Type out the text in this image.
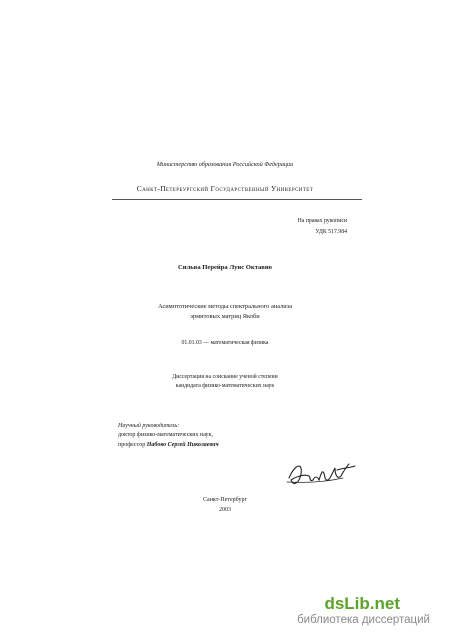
Министерство образования Российской Федерации
Санкт-Петербургский Государственный Университет
На правах рукописи
УДК 517.984
Сильва Перейра Луис Октавио
Асимптотические методы спектрального анализа
эрмитовых матриц Якоби
01.01.03 — математическая физика
Диссертация на соискание ученой степени
кандидата физико-математических наук
Научный руководитель:
доктор физико-математических наук,
профессор Набоко Сергей Николаевич
Санкт-Петербург
2003
dsLib.net
библиотека диссертаций
